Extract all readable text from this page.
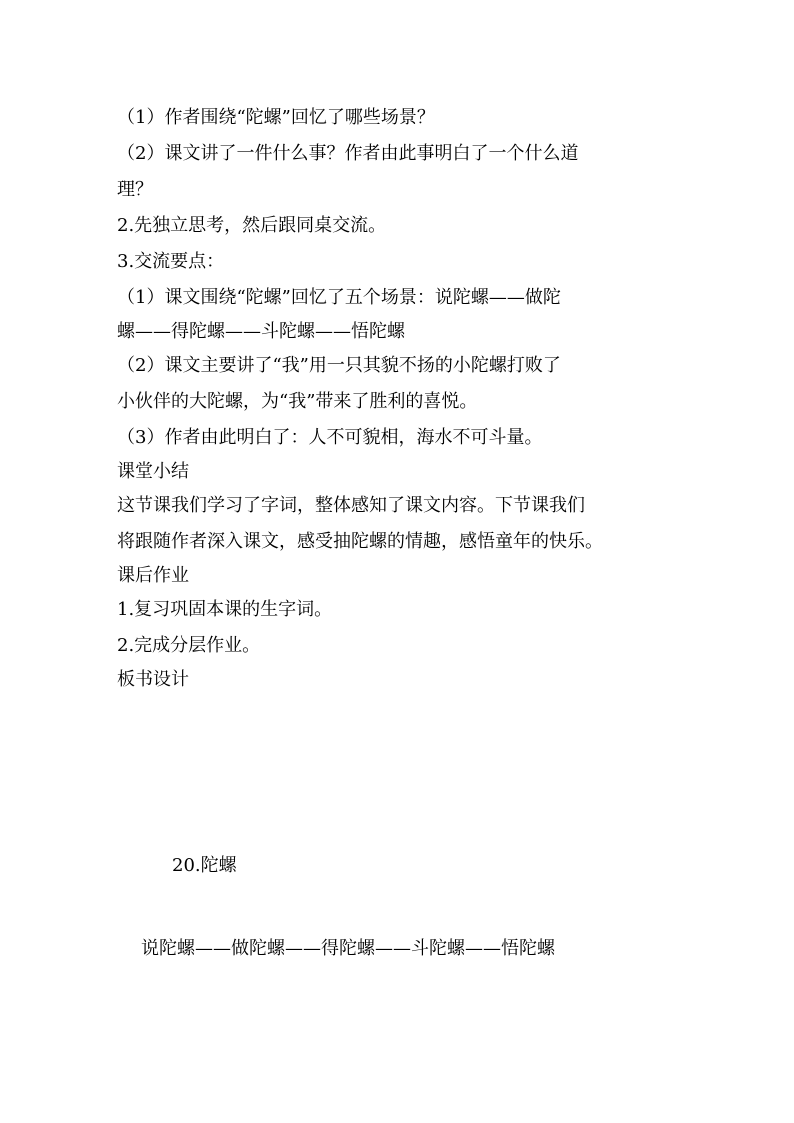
（1）作者围绕“陀螺”回忆了哪些场景？
（2）课文讲了一件什么事？作者由此事明白了一个什么道
理？
2.先独立思考，然后跟同桌交流。
3.交流要点：
（1）课文围绕“陀螺”回忆了五个场景：说陀螺——做陀
螺——得陀螺——斗陀螺——悟陀螺
（2）课文主要讲了“我”用一只其貌不扬的小陀螺打败了
小伙伴的大陀螺，为“我”带来了胜利的喜悦。
（3）作者由此明白了：人不可貌相，海水不可斗量。
课堂小结
这节课我们学习了字词，整体感知了课文内容。下节课我们
将跟随作者深入课文，感受抽陀螺的情趣，感悟童年的快乐。
课后作业
1.复习巩固本课的生字词。
2.完成分层作业。
板书设计
20.陀螺
说陀螺——做陀螺——得陀螺——斗陀螺——悟陀螺
